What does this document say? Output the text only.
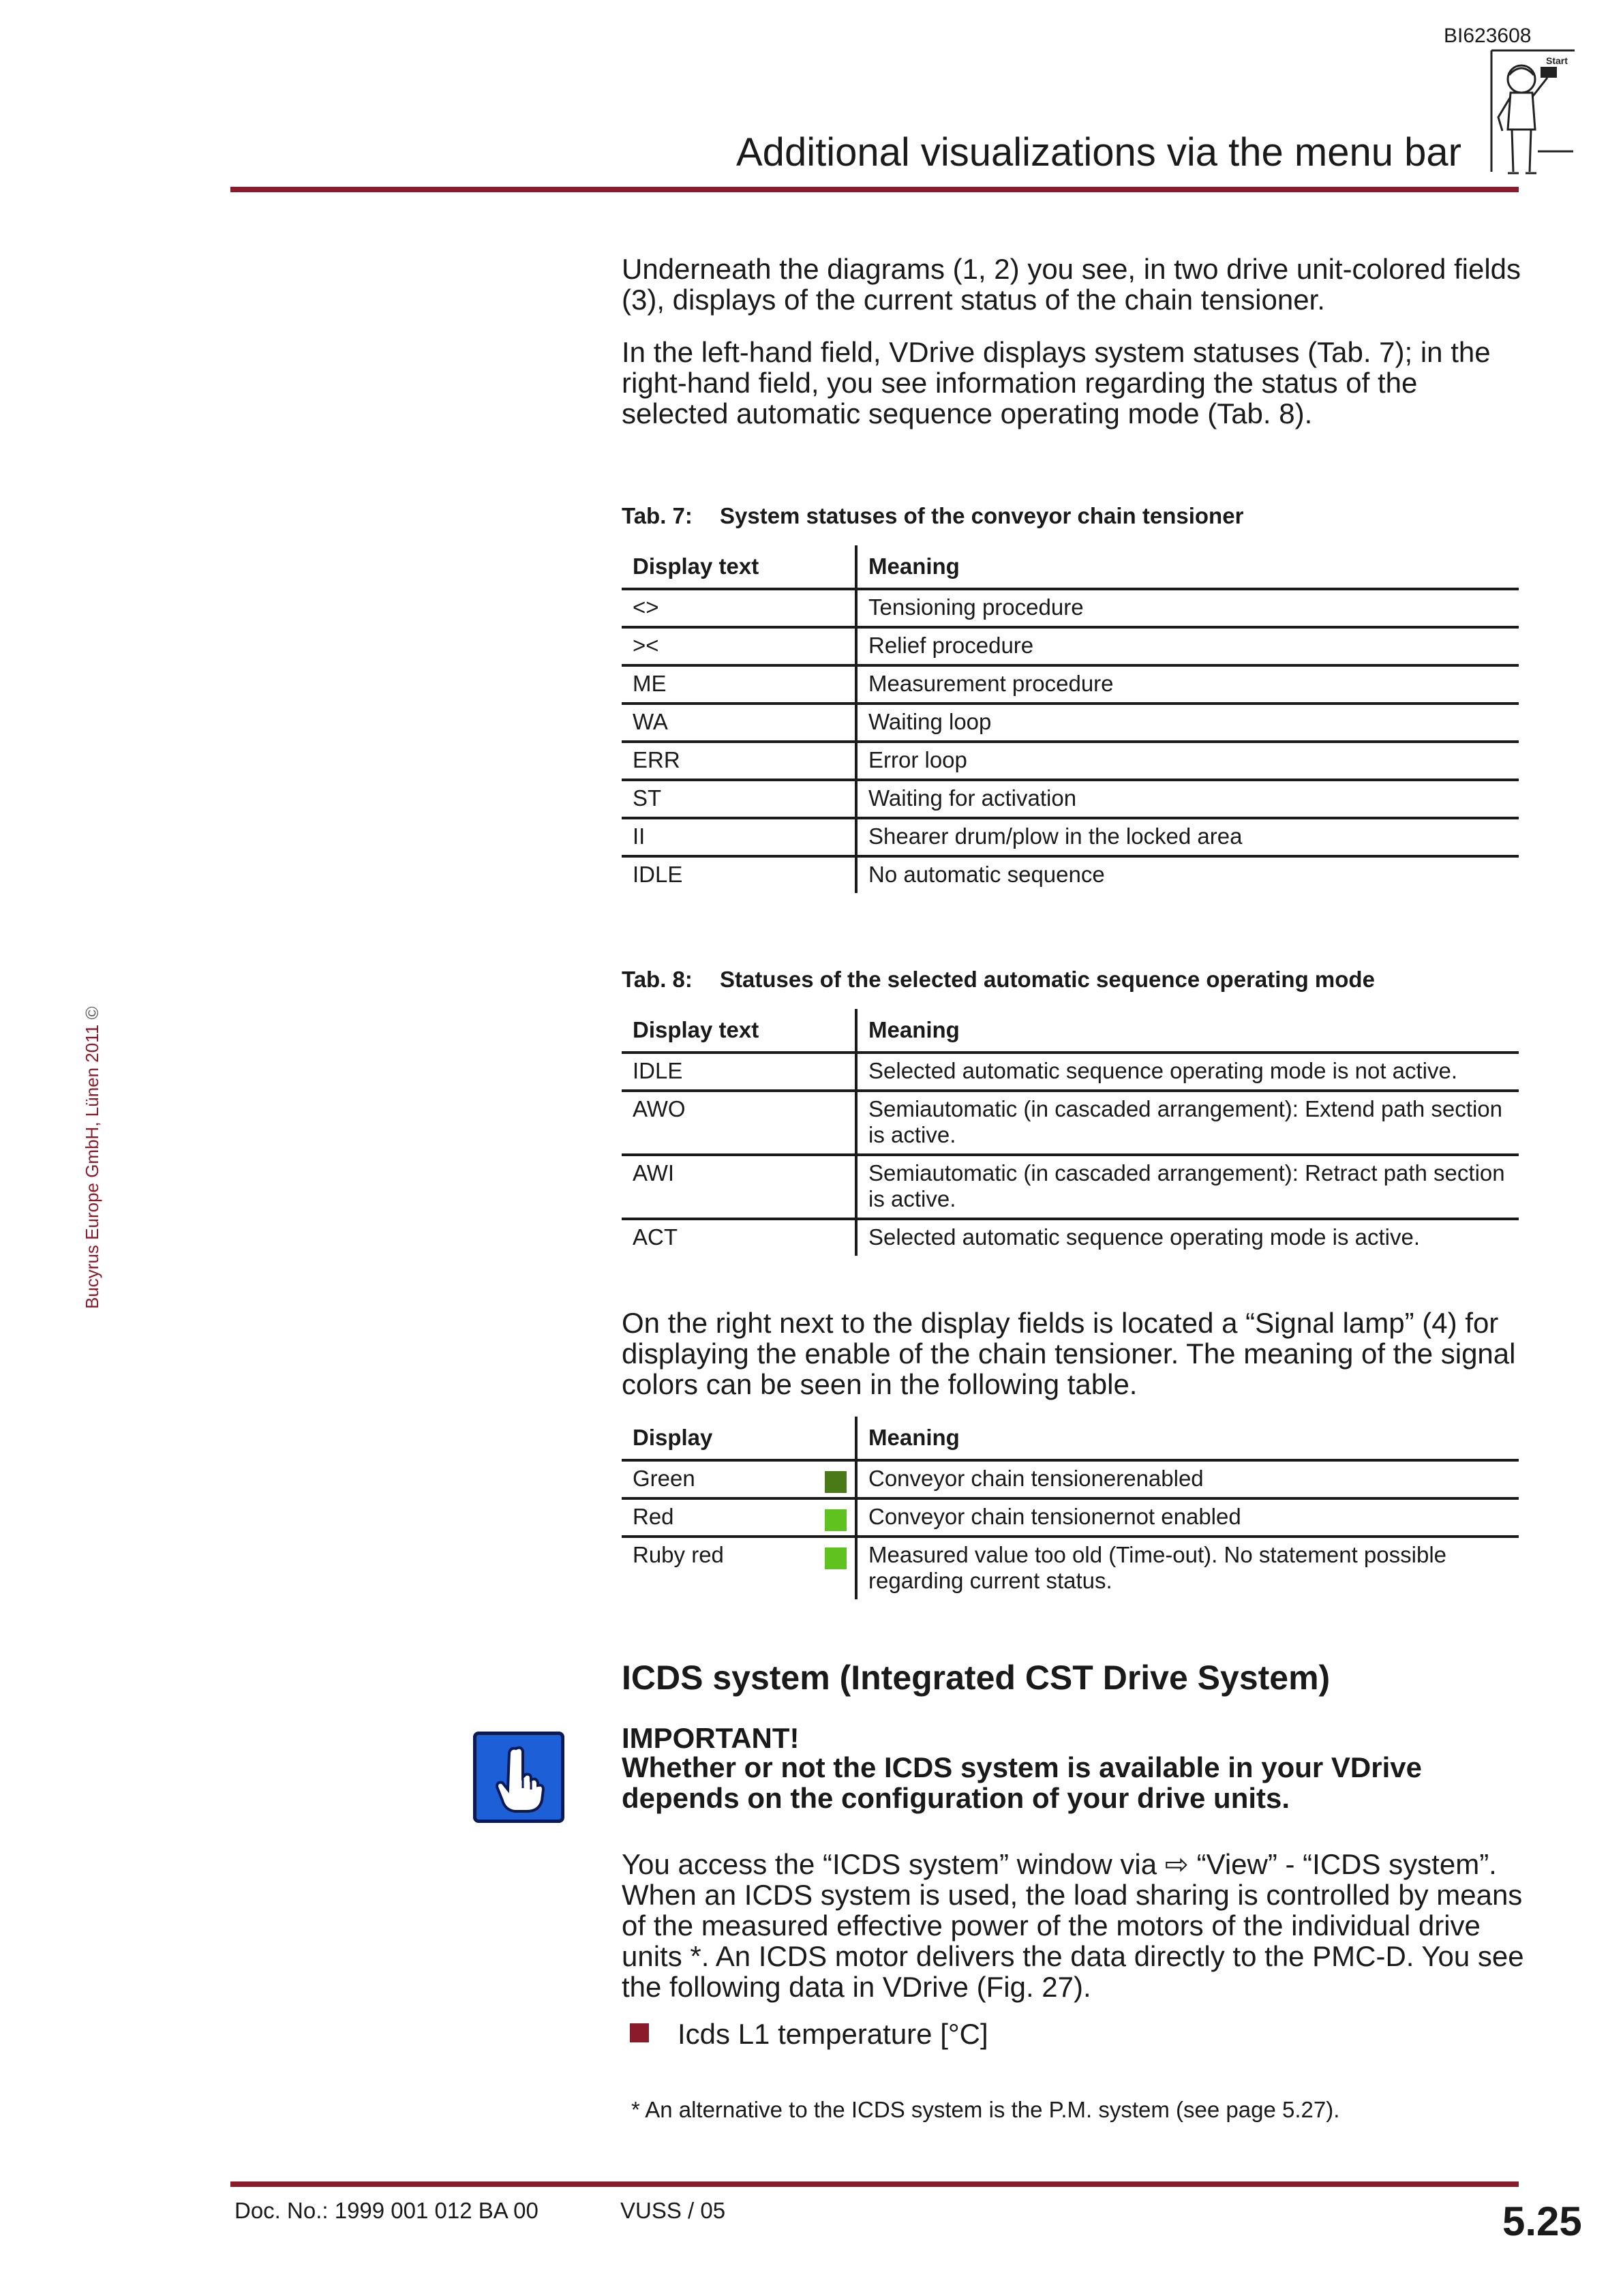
BI623608
Additional visualizations via the menu bar
Start
Bucyrus Europe GmbH, Lünen 2011 ©
Underneath the diagrams (1, 2) you see, in two drive unit-colored fields (3), displays of the current status of the chain tensioner.
In the left-hand field, VDrive displays system statuses (Tab. 7); in the right-hand field, you see information regarding the status of the selected automatic sequence operating mode (Tab. 8).
Tab. 7: System statuses of the conveyor chain tensioner
Display text	Meaning
<>	Tensioning procedure
><	Relief procedure
ME	Measurement procedure
WA	Waiting loop
ERR	Error loop
ST	Waiting for activation
II	Shearer drum/plow in the locked area
IDLE	No automatic sequence
Tab. 8: Statuses of the selected automatic sequence operating mode
Display text	Meaning
IDLE	Selected automatic sequence operating mode is not active.
AWO	Semiautomatic (in cascaded arrangement): Extend path section is active.
AWI	Semiautomatic (in cascaded arrangement): Retract path section is active.
ACT	Selected automatic sequence operating mode is active.
On the right next to the display fields is located a “Signal lamp” (4) for displaying the enable of the chain tensioner. The meaning of the signal colors can be seen in the following table.
Display	Meaning
Green	Conveyor chain tensionerenabled
Red	Conveyor chain tensionernot enabled
Ruby red	Measured value too old (Time-out). No statement possible regarding current status.
ICDS system (Integrated CST Drive System)
IMPORTANT!
Whether or not the ICDS system is available in your VDrive depends on the configuration of your drive units.
You access the “ICDS system” window via ⇨ “View” - “ICDS system”. When an ICDS system is used, the load sharing is controlled by means of the measured effective power of the motors of the individual drive units *. An ICDS motor delivers the data directly to the PMC-D. You see the following data in VDrive (Fig. 27).
Icds L1 temperature [°C]
* An alternative to the ICDS system is the P.M. system (see page 5.27).
Doc. No.: 1999 001 012 BA 00	VUSS / 05	5.25
